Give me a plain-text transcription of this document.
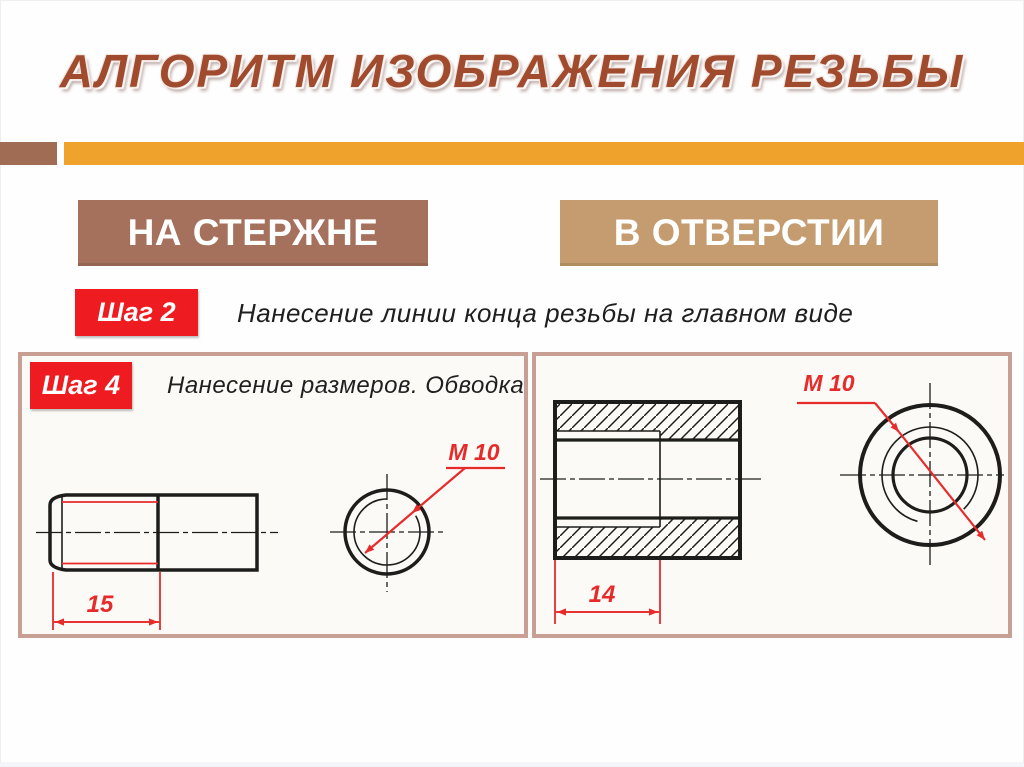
АЛГОРИТМ ИЗОБРАЖЕНИЯ РЕЗЬБЫ
НА СТЕРЖНЕ	В ОТВЕРСТИИ
Шаг 2	Нанесение линии конца резьбы на главном виде
Шаг 4	Нанесение размеров. Обводка
15
M 10
14
M 10
